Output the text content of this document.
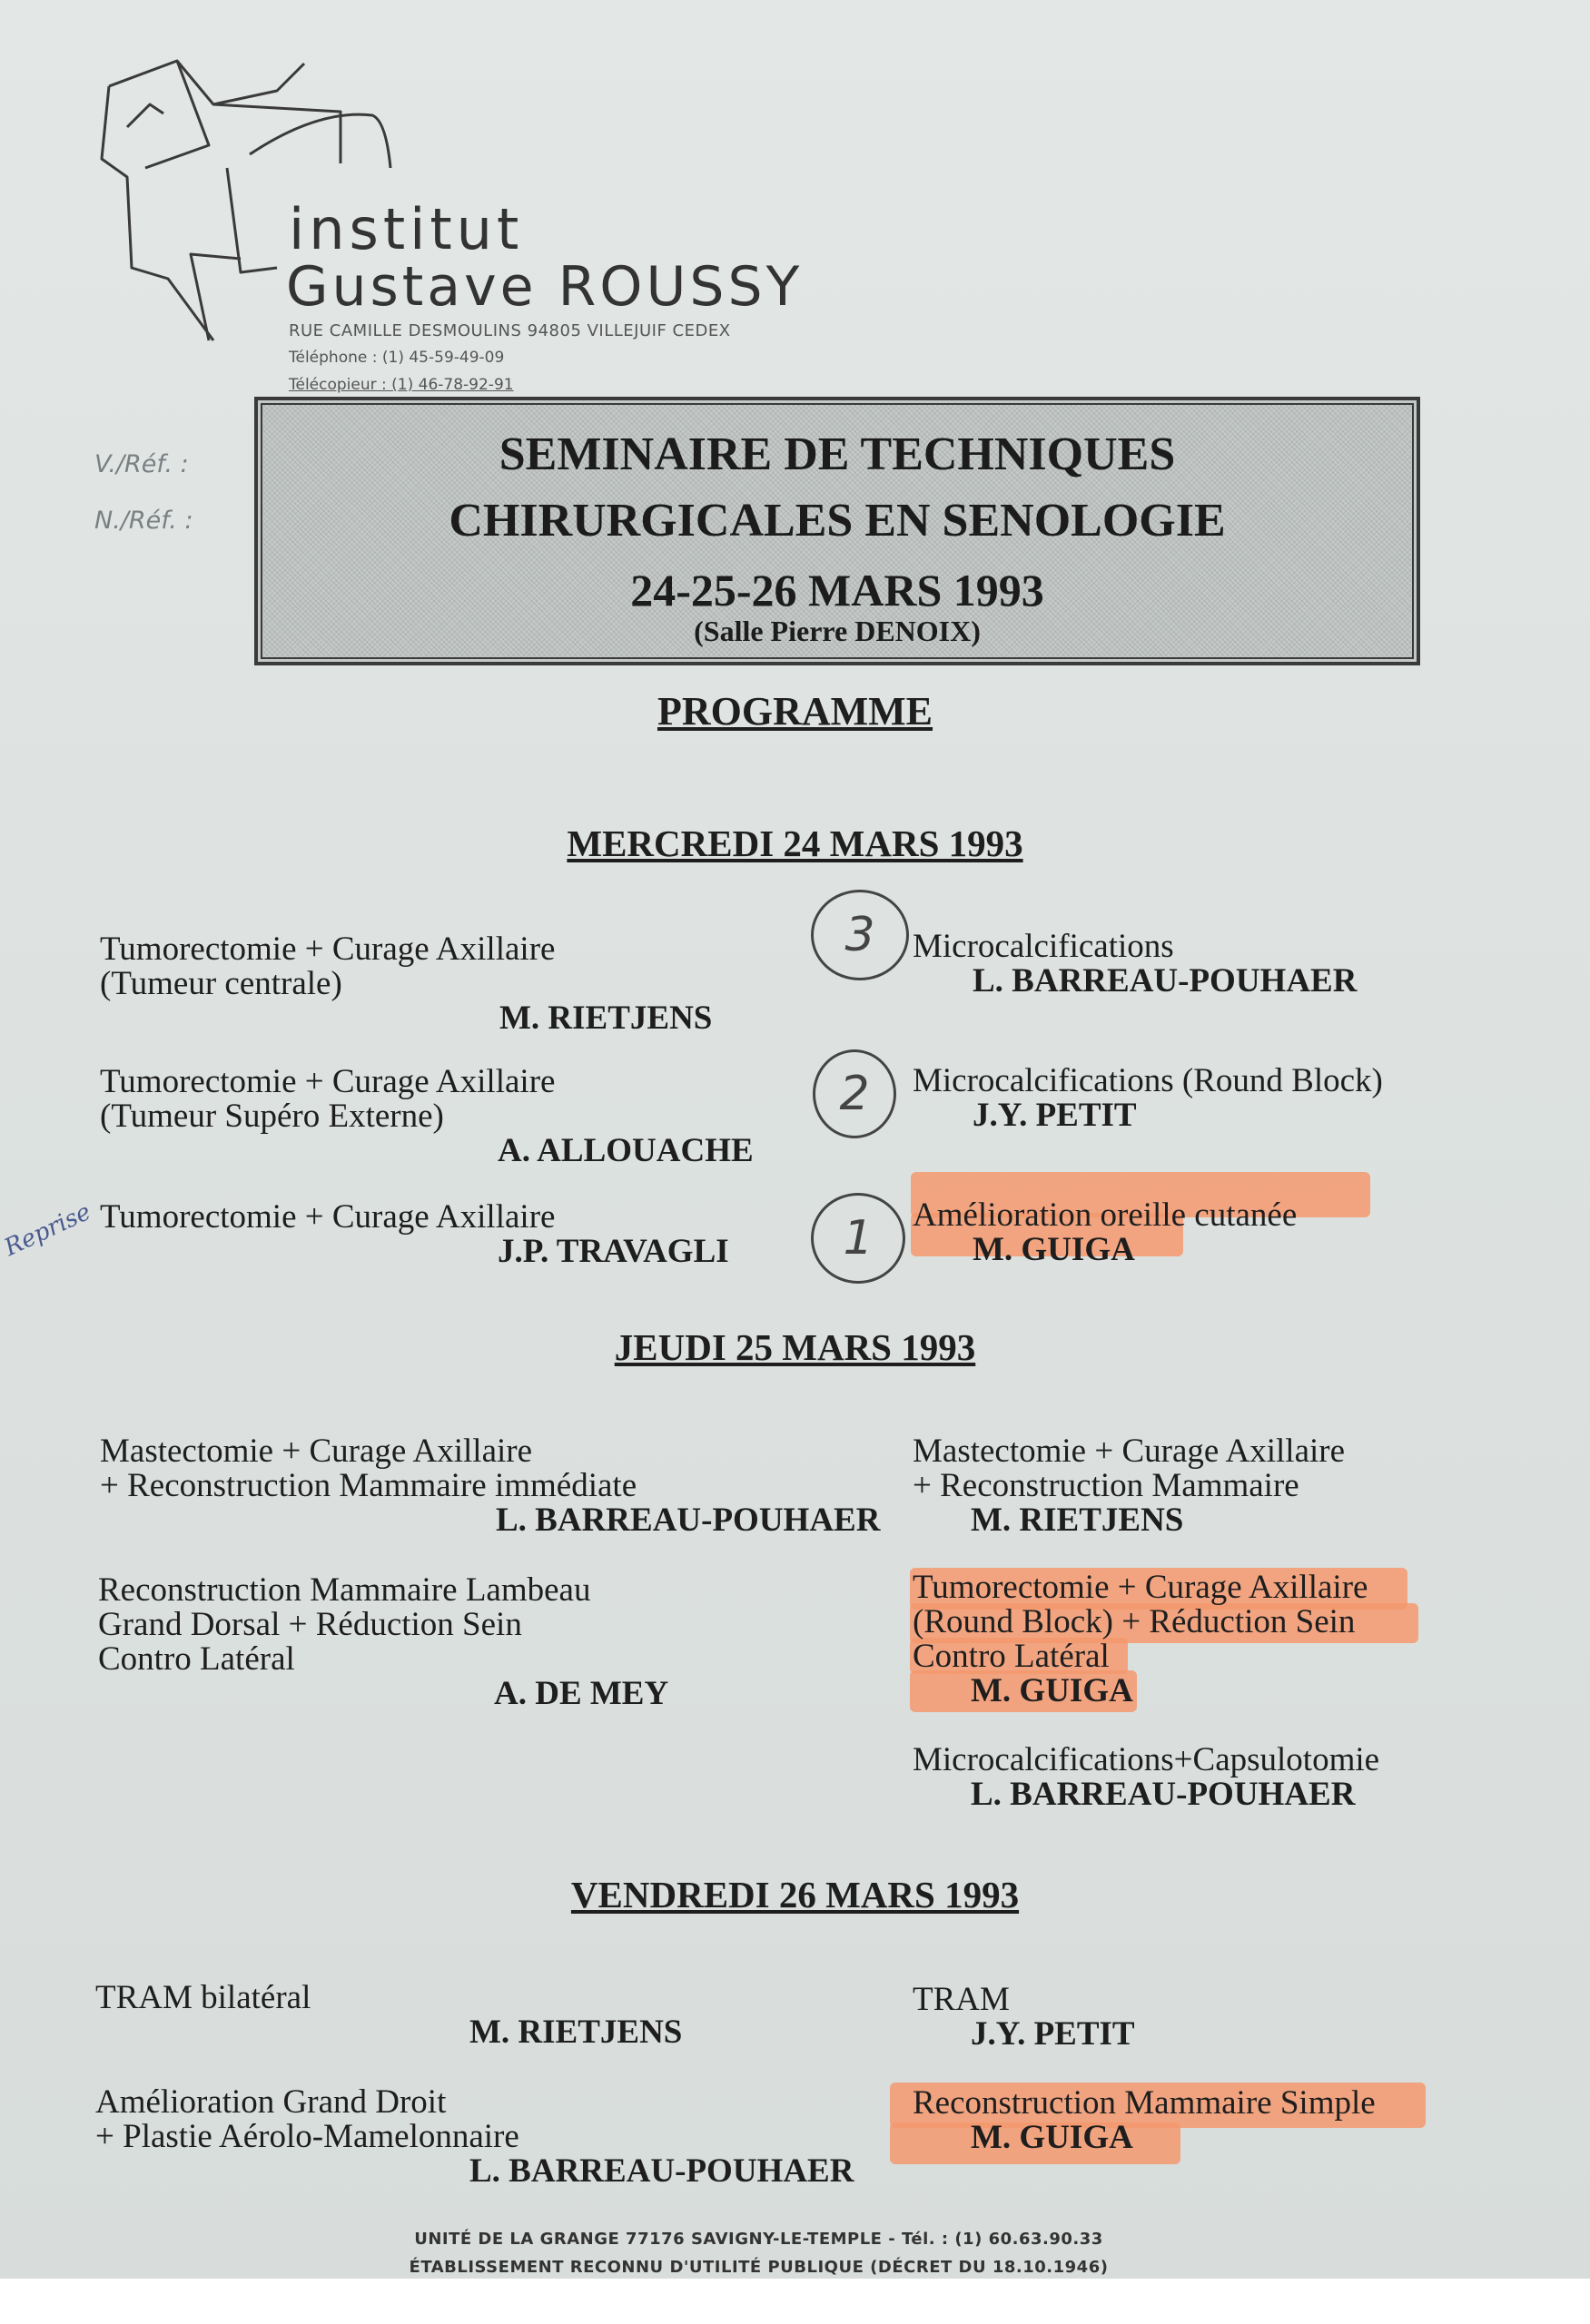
institut
Gustave ROUSSY
RUE CAMILLE DESMOULINS 94805 VILLEJUIF CEDEX
Téléphone : (1) 45-59-49-09
Télécopieur : (1) 46-78-92-91
V./Réf. :
N./Réf. :
SEMINAIRE DE TECHNIQUES
CHIRURGICALES EN SENOLOGIE
24-25-26 MARS 1993
(Salle Pierre DENOIX)
PROGRAMME
MERCREDI 24 MARS 1993
Tumorectomie + Curage Axillaire
(Tumeur centrale)
M. RIETJENS
Tumorectomie + Curage Axillaire
(Tumeur Supéro Externe)
A. ALLOUACHE
Tumorectomie + Curage Axillaire
J.P. TRAVAGLI
Microcalcifications
L. BARREAU-POUHAER
Microcalcifications (Round Block)
J.Y. PETIT
Amélioration oreille cutanée
M. GUIGA
3
2
1
Reprise
JEUDI 25 MARS 1993
Mastectomie + Curage Axillaire
+ Reconstruction Mammaire immédiate
L. BARREAU-POUHAER
Reconstruction Mammaire Lambeau
Grand Dorsal + Réduction Sein
Contro Latéral
A. DE MEY
Mastectomie + Curage Axillaire
+ Reconstruction Mammaire
M. RIETJENS
Tumorectomie + Curage Axillaire
(Round Block) + Réduction Sein
Contro Latéral
M. GUIGA
Microcalcifications+Capsulotomie
L. BARREAU-POUHAER
VENDREDI 26 MARS 1993
TRAM bilatéral
M. RIETJENS
Amélioration Grand Droit
+ Plastie Aérolo-Mamelonnaire
L. BARREAU-POUHAER
TRAM
J.Y. PETIT
Reconstruction Mammaire Simple
M. GUIGA
UNITÉ DE LA GRANGE 77176 SAVIGNY-LE-TEMPLE - Tél. : (1) 60.63.90.33
ÉTABLISSEMENT RECONNU D'UTILITÉ PUBLIQUE (DÉCRET DU 18.10.1946)
